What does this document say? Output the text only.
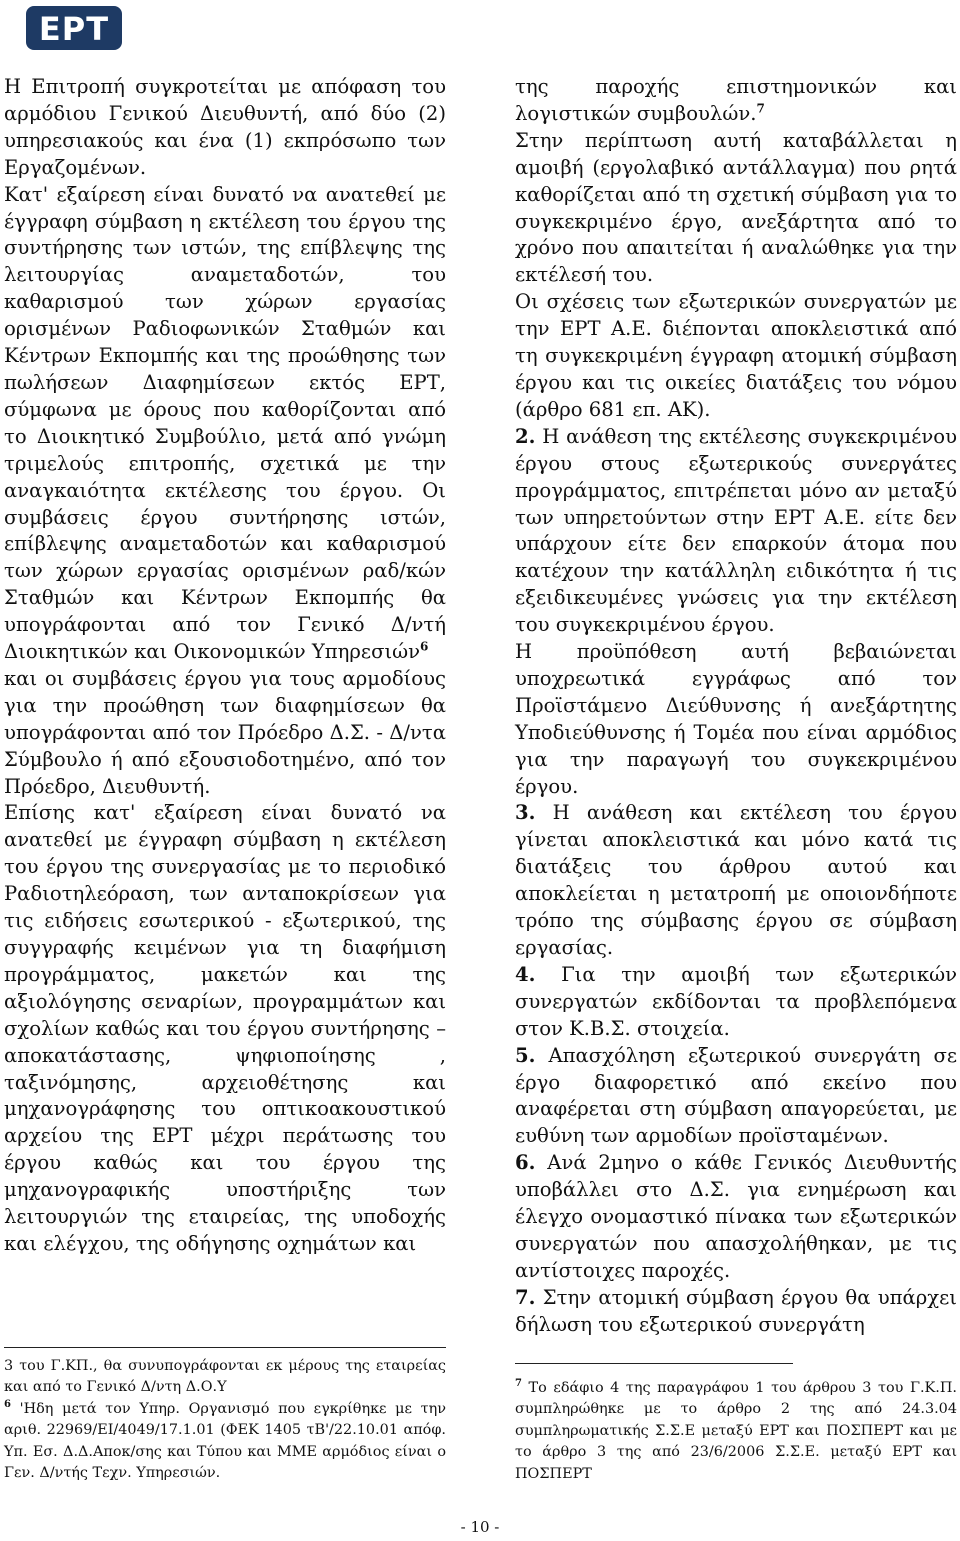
ΕΡΤ

Η Επιτροπή συγκροτείται με απόφαση του αρμόδιου Γενικού Διευθυντή, από δύο (2) υπηρεσιακούς και ένα (1) εκπρόσωπο των Εργαζομένων.

Κατ' εξαίρεση είναι δυνατό να ανατεθεί με έγγραφη σύμβαση η εκτέλεση του έργου της συντήρησης των ιστών, της επίβλεψης της λειτουργίας αναμεταδοτών, του καθαρισμού των χώρων εργασίας ορισμένων Ραδιοφωνικών Σταθμών και Κέντρων Εκπομπής και της προώθησης των πωλήσεων Διαφημίσεων εκτός ΕΡΤ, σύμφωνα με όρους που καθορίζονται από το Διοικητικό Συμβούλιο, μετά από γνώμη τριμελούς επιτροπής, σχετικά με την αναγκαιότητα εκτέλεσης του έργου. Οι συμβάσεις έργου συντήρησης ιστών, επίβλεψης αναμεταδοτών και καθαρισμού των χώρων εργασίας ορισμένων ραδ/κών Σταθμών και Κέντρων Εκπομπής θα υπογράφονται από τον Γενικό Δ/ντή Διοικητικών και Οικονομικών Υπηρεσιών$^6$

και οι συμβάσεις έργου για τους αρμοδίους για την προώθηση των διαφημίσεων θα υπογράφονται από τον Πρόεδρο Δ.Σ. - Δ/ντα Σύμβουλο ή από εξουσιοδοτημένο, από τον Πρόεδρο, Διευθυντή.

Επίσης κατ' εξαίρεση είναι δυνατό να ανατεθεί με έγγραφη σύμβαση η εκτέλεση του έργου της συνεργασίας με το περιοδικό Ραδιοτηλεόραση, των ανταποκρίσεων για τις ειδήσεις εσωτερικού - εξωτερικού, της συγγραφής κειμένων για τη διαφήμιση προγράμματος, μακετών και της αξιολόγησης σεναρίων, προγραμμάτων και σχολίων καθώς και του έργου συντήρησης – αποκατάστασης, ψηφιοποίησης , ταξινόμησης, αρχειοθέτησης και μηχανογράφησης του οπτικοακουστικού αρχείου της ΕΡΤ μέχρι περάτωσης του έργου καθώς και του έργου της μηχανογραφικής υποστήριξης των λειτουργιών της εταιρείας, της υποδοχής και ελέγχου, της οδήγησης οχημάτων και

της παροχής επιστημονικών και λογιστικών συμβουλών.$^7$

Στην περίπτωση αυτή καταβάλλεται η αμοιβή (εργολαβικό αντάλλαγμα) που ρητά καθορίζεται από τη σχετική σύμβαση για το συγκεκριμένο έργο, ανεξάρτητα από το χρόνο που απαιτείται ή αναλώθηκε για την εκτέλεσή του.

Οι σχέσεις των εξωτερικών συνεργατών με την ΕΡΤ Α.Ε. διέπονται αποκλειστικά από τη συγκεκριμένη έγγραφη ατομική σύμβαση έργου και τις οικείες διατάξεις του νόμου (άρθρο 681 επ. ΑΚ).

2. Η ανάθεση της εκτέλεσης συγκεκριμένου έργου στους εξωτερικούς συνεργάτες προγράμματος, επιτρέπεται μόνο αν μεταξύ των υπηρετούντων στην ΕΡΤ Α.Ε. είτε δεν υπάρχουν είτε δεν επαρκούν άτομα που κατέχουν την κατάλληλη ειδικότητα ή τις εξειδικευμένες γνώσεις για την εκτέλεση του συγκεκριμένου έργου.

Η προϋπόθεση αυτή βεβαιώνεται υποχρεωτικά εγγράφως από τον Προϊστάμενο Διεύθυνσης ή ανεξάρτητης Υποδιεύθυνσης ή Τομέα που είναι αρμόδιος για την παραγωγή του συγκεκριμένου έργου.

3. Η ανάθεση και εκτέλεση του έργου γίνεται αποκλειστικά και μόνο κατά τις διατάξεις του άρθρου αυτού και αποκλείεται η μετατροπή με οποιονδήποτε τρόπο της σύμβασης έργου σε σύμβαση εργασίας.

4. Για την αμοιβή των εξωτερικών συνεργατών εκδίδονται τα προβλεπόμενα στον Κ.Β.Σ. στοιχεία.

5. Απασχόληση εξωτερικού συνεργάτη σε έργο διαφορετικό από εκείνο που αναφέρεται στη σύμβαση απαγορεύεται, με ευθύνη των αρμοδίων προϊσταμένων.

6. Ανά 2μηνο ο κάθε Γενικός Διευθυντής υποβάλλει στο Δ.Σ. για ενημέρωση και έλεγχο ονομαστικό πίνακα των εξωτερικών συνεργατών που απασχολήθηκαν, με τις αντίστοιχες παροχές.

7. Στην ατομική σύμβαση έργου θα υπάρχει δήλωση του εξωτερικού συνεργάτη

3 του Γ.ΚΠ., θα συνυπογράφονται εκ μέρους της εταιρείας και από το Γενικό Δ/ντη Δ.Ο.Υ

$^6$ 'Ηδη μετά τον Υπηρ. Οργανισμό που εγκρίθηκε με την αριθ. 22969/ΕΙ/4049/17.1.01 (ΦΕΚ 1405 τΒ'/22.10.01 απόφ. Υπ. Εσ. Δ.Δ.Αποκ/σης και Τύπου και ΜΜΕ αρμόδιος είναι ο Γεν. Δ/ντής Τεχν. Υπηρεσιών.

$^7$ Το εδάφιο 4 της παραγράφου 1 του άρθρου 3 του Γ.Κ.Π. συμπληρώθηκε με το άρθρο 2 της από 24.3.04 συμπληρωματικής Σ.Σ.Ε μεταξύ ΕΡΤ και ΠΟΣΠΕΡΤ και με το άρθρο 3 της από 23/6/2006 Σ.Σ.Ε. μεταξύ ΕΡΤ και ΠΟΣΠΕΡΤ

- 10 -
